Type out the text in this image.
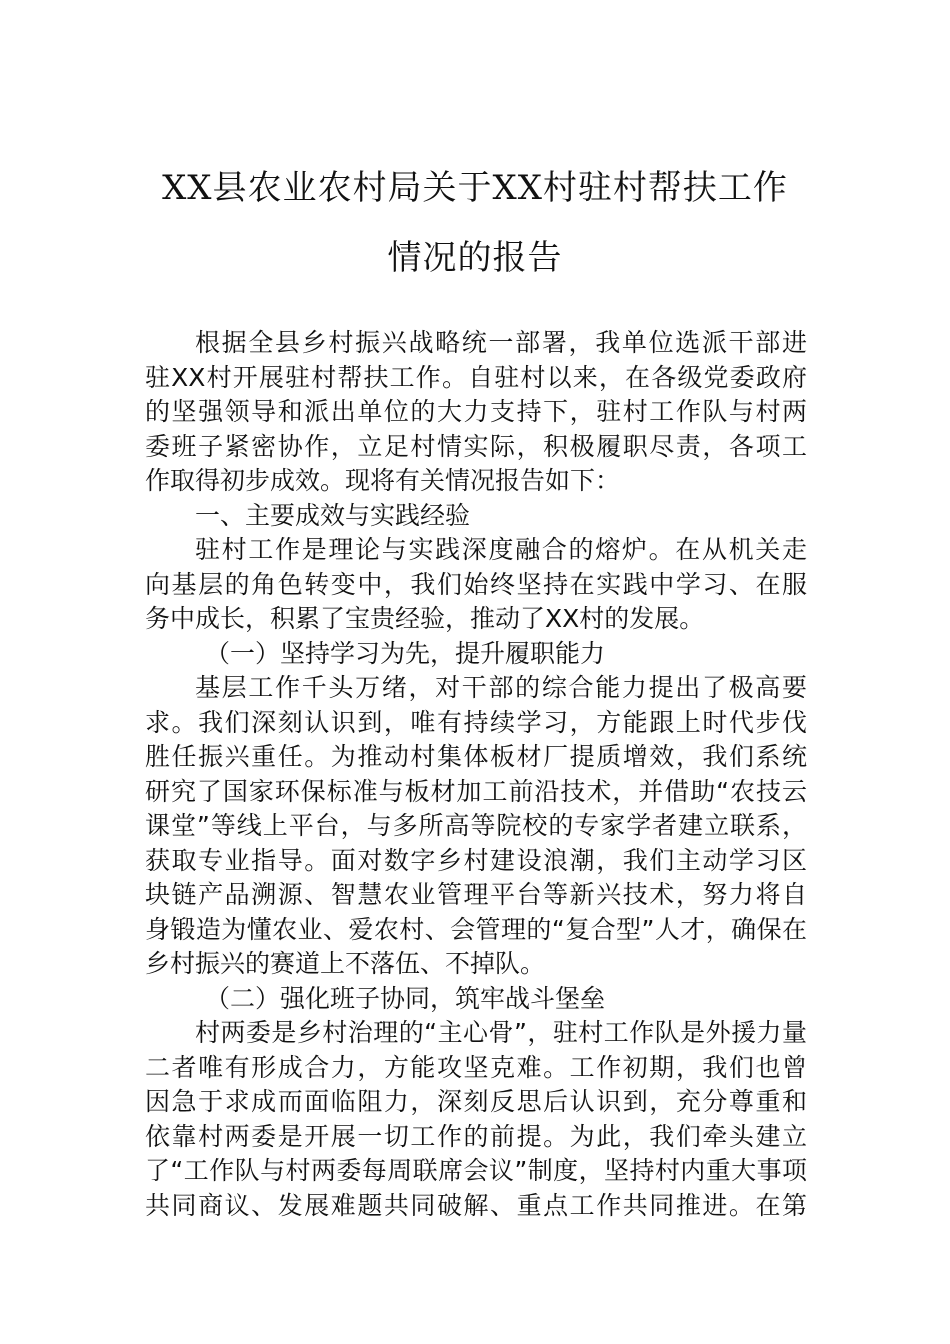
XX县农业农村局关于XX村驻村帮扶工作
情况的报告
根据全县乡村振兴战略统一部署，我单位选派干部进
驻XX村开展驻村帮扶工作。自驻村以来，在各级党委政府
的坚强领导和派出单位的大力支持下，驻村工作队与村两
委班子紧密协作，立足村情实际，积极履职尽责，各项工
作取得初步成效。现将有关情况报告如下：
一、主要成效与实践经验
驻村工作是理论与实践深度融合的熔炉。在从机关走
向基层的角色转变中，我们始终坚持在实践中学习、在服
务中成长，积累了宝贵经验，推动了XX村的发展。
（一）坚持学习为先，提升履职能力
基层工作千头万绪，对干部的综合能力提出了极高要
求。我们深刻认识到，唯有持续学习，方能跟上时代步伐
胜任振兴重任。为推动村集体板材厂提质增效，我们系统
研究了国家环保标准与板材加工前沿技术，并借助“农技云
课堂”等线上平台，与多所高等院校的专家学者建立联系，
获取专业指导。面对数字乡村建设浪潮，我们主动学习区
块链产品溯源、智慧农业管理平台等新兴技术，努力将自
身锻造为懂农业、爱农村、会管理的“复合型”人才，确保在
乡村振兴的赛道上不落伍、不掉队。
（二）强化班子协同，筑牢战斗堡垒
村两委是乡村治理的“主心骨”，驻村工作队是外援力量
二者唯有形成合力，方能攻坚克难。工作初期，我们也曾
因急于求成而面临阻力，深刻反思后认识到，充分尊重和
依靠村两委是开展一切工作的前提。为此，我们牵头建立
了“工作队与村两委每周联席会议”制度，坚持村内重大事项
共同商议、发展难题共同破解、重点工作共同推进。在第
